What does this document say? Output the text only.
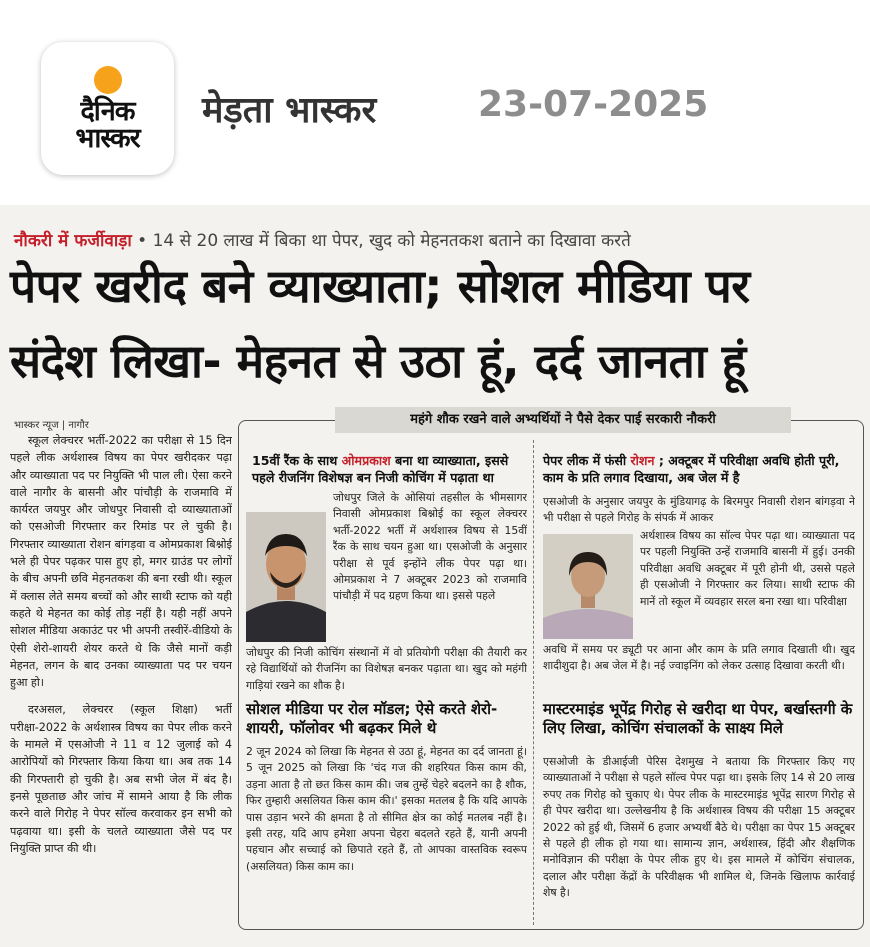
दैनिक
भास्कर
मेड़ता भास्कर	23-07-2025
नौकरी में फर्जीवाड़ा • 14 से 20 लाख में बिका था पेपर, खुद को मेहनतकश बताने का दिखावा करते
पेपर खरीद बने व्याख्याता; सोशल मीडिया पर
संदेश लिखा- मेहनत से उठा हूं, दर्द जानता हूं
भास्कर न्यूज | नागौर

स्कूल लेक्चरर भर्ती-2022 का परीक्षा से 15 दिन पहले लीक अर्थशास्त्र विषय का पेपर खरीदकर पढ़ा और व्याख्याता पद पर नियुक्ति भी पाल ली। ऐसा करने वाले नागौर के बासनी और पांचौड़ी के राजमावि में कार्यरत जयपुर और जोधपुर निवासी दो व्याख्याताओं को एसओजी गिरफ्तार कर रिमांड पर ले चुकी है। गिरफ्तार व्याख्याता रोशन बांगड़वा व ओमप्रकाश बिश्नोई भले ही पेपर पढ़कर पास हुए हो, मगर ग्राउंड पर लोगों के बीच अपनी छवि मेहनतकश की बना रखी थी। स्कूल में क्लास लेते समय बच्चों को और साथी स्टाफ को यही कहते थे मेहनत का कोई तोड़ नहीं है। यही नहीं अपने सोशल मीडिया अकाउंट पर भी अपनी तस्वीरें-वीडियो के ऐसी शेरो-शायरी शेयर करते थे कि जैसे मानों कड़ी मेहनत, लगन के बाद उनका व्याख्याता पद पर चयन हुआ हो।

दरअसल, लेक्चरर (स्कूल शिक्षा) भर्ती परीक्षा-2022 के अर्थशास्त्र विषय का पेपर लीक करने के मामले में एसओजी ने 11 व 12 जुलाई को 4 आरोपियों को गिरफ्तार किया किया था। अब तक 14 की गिरफ्तारी हो चुकी है। अब सभी जेल में बंद है। इनसे पूछताछ और जांच में सामने आया है कि लीक करने वाले गिरोह ने पेपर सॉल्व करवाकर इन सभी को पढ़वाया था। इसी के चलते व्याख्याता जैसे पद पर नियुक्ति प्राप्त की थी।

महंगे शौक रखने वाले अभ्यर्थियों ने पैसे देकर पाई सरकारी नौकरी
15वीं रैंक के साथ ओमप्रकाश बना था व्याख्याता, इससे पहले रीजनिंग विशेषज्ञ बन निजी कोचिंग में पढ़ाता था
जोधपुर जिले के ओसियां तहसील के भीमसागर निवासी ओमप्रकाश बिश्नोई का स्कूल लेक्चरर भर्ती-2022 भर्ती में अर्थशास्त्र विषय से 15वीं रैंक के साथ चयन हुआ था। एसओजी के अनुसार परीक्षा से पूर्व इन्होंने लीक पेपर पढ़ा था। ओमप्रकाश ने 7 अक्टूबर 2023 को राजमावि पांचौड़ी में पद ग्रहण किया था। इससे पहले
जोधपुर की निजी कोचिंग संस्थानों में वो प्रतियोगी परीक्षा की तैयारी कर रहे विद्यार्थियों को रीजनिंग का विशेषज्ञ बनकर पढ़ाता था। खुद को महंगी गाड़ियां रखने का शौक है।
सोशल मीडिया पर रोल मॉडल; ऐसे करते शेरो-शायरी, फॉलोवर भी बढ़कर मिले थे
2 जून 2024 को लिखा कि मेहनत से उठा हूं, मेहनत का दर्द जानता हूं। 5 जून 2025 को लिखा कि 'चंद गज की शहरियत किस काम की, उड़ना आता है तो छत किस काम की। जब तुम्हें चेहरे बदलने का है शौक, फिर तुम्हारी असलियत किस काम की।' इसका मतलब है कि यदि आपके पास उड़ान भरने की क्षमता है तो सीमित क्षेत्र का कोई मतलब नहीं है। इसी तरह, यदि आप हमेशा अपना चेहरा बदलते रहते हैं, यानी अपनी पहचान और सच्चाई को छिपाते रहते हैं, तो आपका वास्तविक स्वरूप (असलियत) किस काम का।
पेपर लीक में फंसी रोशन ; अक्टूबर में परिवीक्षा अवधि होती पूरी, काम के प्रति लगाव दिखाया, अब जेल में है
एसओजी के अनुसार जयपुर के मुंडियागढ़ के बिरमपुर निवासी रोशन बांगड़वा ने भी परीक्षा से पहले गिरोह के संपर्क में आकर
अर्थशास्त्र विषय का सॉल्व पेपर पढ़ा था। व्याख्याता पद पर पहली नियुक्ति उन्हें राजमावि बासनी में हुई। उनकी परिवीक्षा अवधि अक्टूबर में पूरी होनी थी, उससे पहले ही एसओजी ने गिरफ्तार कर लिया। साथी स्टाफ की मानें तो स्कूल में व्यवहार सरल बना रखा था। परिवीक्षा
अवधि में समय पर ड्यूटी पर आना और काम के प्रति लगाव दिखाती थी। खुद शादीशुदा है। अब जेल में है। नई ज्वाइनिंग को लेकर उत्साह दिखावा करती थी।
मास्टरमाइंड भूपेंद्र गिरोह से खरीदा था पेपर, बर्खास्तगी के लिए लिखा, कोचिंग संचालकों के साक्ष्य मिले
एसओजी के डीआईजी पेरिस देशमुख ने बताया कि गिरफ्तार किए गए व्याख्याताओं ने परीक्षा से पहले सॉल्व पेपर पढ़ा था। इसके लिए 14 से 20 लाख रुपए तक गिरोह को चुकाए थे। पेपर लीक के मास्टरमाइंड भूपेंद्र सारण गिरोह से ही पेपर खरीदा था। उल्लेखनीय है कि अर्थशास्त्र विषय की परीक्षा 15 अक्टूबर 2022 को हुई थी, जिसमें 6 हजार अभ्यर्थी बैठे थे। परीक्षा का पेपर 15 अक्टूबर से पहले ही लीक हो गया था। सामान्य ज्ञान, अर्थशास्त्र, हिंदी और शैक्षणिक मनोविज्ञान की परीक्षा के पेपर लीक हुए थे। इस मामले में कोचिंग संचालक, दलाल और परीक्षा केंद्रों के परिवीक्षक भी शामिल थे, जिनके खिलाफ कार्रवाई शेष है।
